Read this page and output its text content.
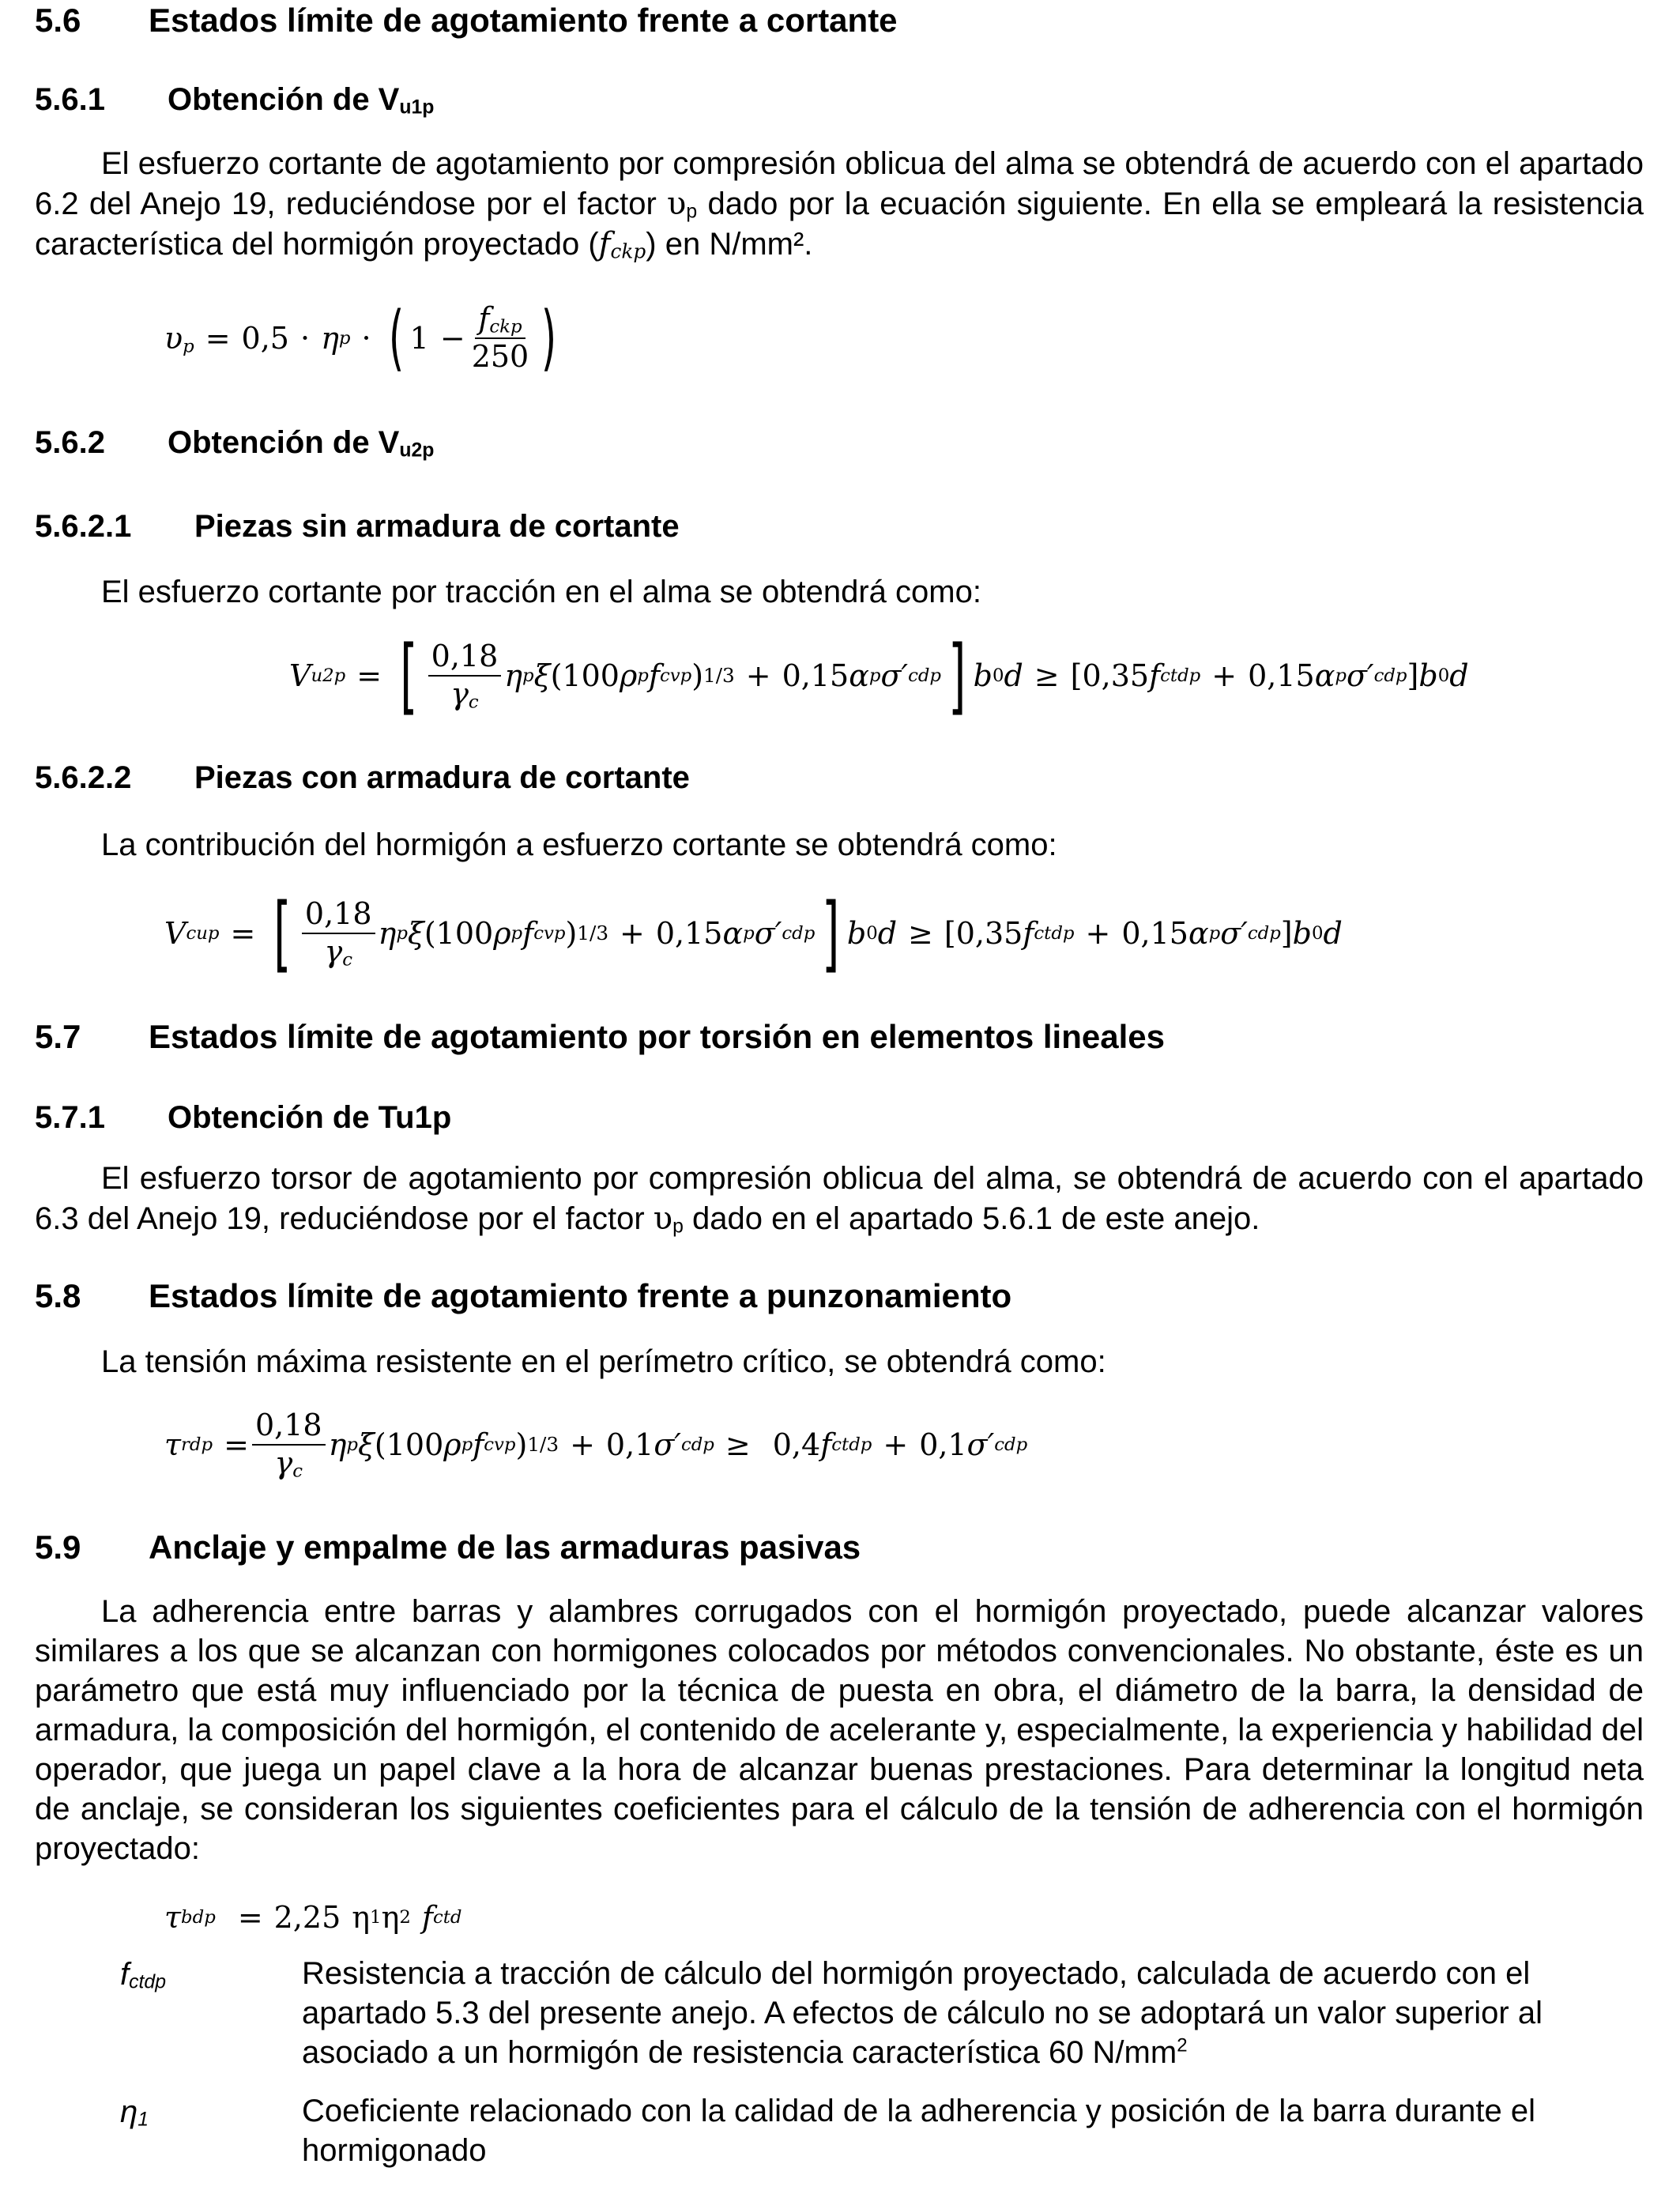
5.6 Estados límite de agotamiento frente a cortante
5.6.1 Obtención de $V_{u1p}$

El esfuerzo cortante de agotamiento por compresión oblicua del alma se obtendrá de acuerdo con el apartado 6.2 del Anejo 19, reduciéndose por el factor $\upsilon_p$ dado por la ecuación siguiente. En ella se empleará la resistencia característica del hormigón proyectado $(f_{ckp})$ en N/mm².

$\upsilon_p = 0,5 \cdot \eta$ p · ( $1 - \frac{f_{ckp}}{250}$ )
5.6.2 Obtención de $V_{u2p}$
5.6.2.1 Piezas sin armadura de cortante

El esfuerzo cortante por tracción en el alma se obtendrá como:

V u2p = [ $\frac{0,18}{\gamma_c}$ η p ξ (100 ρ p f cvp ) 1/3 + 0,15 α p σ′ cdp ] b 0 d ≥ [0,35 f ctdp + 0,15 α p σ′ cdp ] b 0 d
5.6.2.2 Piezas con armadura de cortante

La contribución del hormigón a esfuerzo cortante se obtendrá como:

V cup = [ $\frac{0,18}{\gamma_c}$ η p ξ (100 ρ p f cvp ) 1/3 + 0,15 α p σ′ cdp ] b 0 d ≥ [0,35 f ctdp + 0,15 α p σ′ cdp ] b 0 d
5.7 Estados límite de agotamiento por torsión en elementos lineales
5.7.1 Obtención de Tu1p

El esfuerzo torsor de agotamiento por compresión oblicua del alma, se obtendrá de acuerdo con el apartado 6.3 del Anejo 19, reduciéndose por el factor $\upsilon_p$ dado en el apartado 5.6.1 de este anejo.

5.8 Estados límite de agotamiento frente a punzonamiento

La tensión máxima resistente en el perímetro crítico, se obtendrá como:

τ rdp = $\frac{0,18}{\gamma_c}$ η p ξ (100 ρ p f cvp ) 1/3 + 0,1 σ′ cdp ≥ 0,4 f ctdp + 0,1 σ′ cdp
5.9 Anclaje y empalme de las armaduras pasivas

La adherencia entre barras y alambres corrugados con el hormigón proyectado, puede alcanzar valores similares a los que se alcanzan con hormigones colocados por métodos convencionales. No obstante, éste es un parámetro que está muy influenciado por la técnica de puesta en obra, el diámetro de la barra, la densidad de armadura, la composición del hormigón, el contenido de acelerante y, especialmente, la experiencia y habilidad del operador, que juega un papel clave a la hora de alcanzar buenas prestaciones. Para determinar la longitud neta de anclaje, se consideran los siguientes coeficientes para el cálculo de la tensión de adherencia con el hormigón proyectado:

τ bdp = 2,25 η 1 η 2 f ctd
$f_{ctdp}$	Resistencia a tracción de cálculo del hormigón proyectado, calculada de acuerdo con el apartado 5.3 del presente anejo. A efectos de cálculo no se adoptará un valor superior al asociado a un hormigón de resistencia característica 60 $N/mm^2$

$\eta_1$	Coeficiente relacionado con la calidad de la adherencia y posición de la barra durante el hormigonado
